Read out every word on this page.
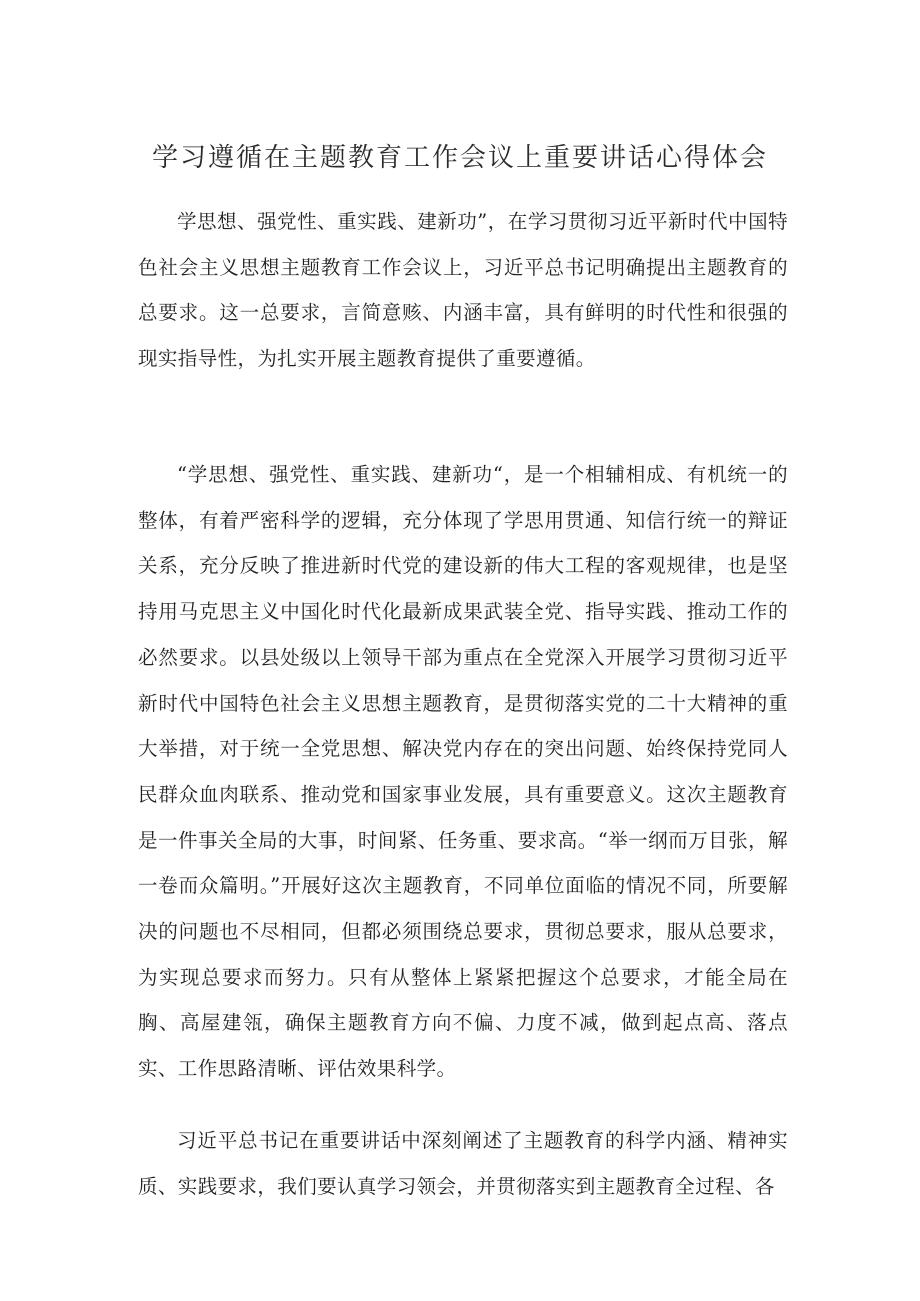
学习遵循在主题教育工作会议上重要讲话心得体会

学思想、强党性、重实践、建新功”，在学习贯彻习近平新时代中国特色社会主义思想主题教育工作会议上，习近平总书记明确提出主题教育的总要求。这一总要求，言简意赅、内涵丰富，具有鲜明的时代性和很强的现实指导性，为扎实开展主题教育提供了重要遵循。

“学思想、强党性、重实践、建新功“，是一个相辅相成、有机统一的整体，有着严密科学的逻辑，充分体现了学思用贯通、知信行统一的辩证关系，充分反映了推进新时代党的建设新的伟大工程的客观规律，也是坚持用马克思主义中国化时代化最新成果武装全党、指导实践、推动工作的必然要求。以县处级以上领导干部为重点在全党深入开展学习贯彻习近平新时代中国特色社会主义思想主题教育，是贯彻落实党的二十大精神的重大举措，对于统一全党思想、解决党内存在的突出问题、始终保持党同人民群众血肉联系、推动党和国家事业发展，具有重要意义。这次主题教育是一件事关全局的大事，时间紧、任务重、要求高。“举一纲而万目张，解一卷而众篇明。”开展好这次主题教育，不同单位面临的情况不同，所要解决的问题也不尽相同，但都必须围绕总要求，贯彻总要求，服从总要求，为实现总要求而努力。只有从整体上紧紧把握这个总要求，才能全局在胸、高屋建瓴，确保主题教育方向不偏、力度不减，做到起点高、落点实、工作思路清晰、评估效果科学。

习近平总书记在重要讲话中深刻阐述了主题教育的科学内涵、精神实质、实践要求，我们要认真学习领会，并贯彻落实到主题教育全过程、各
